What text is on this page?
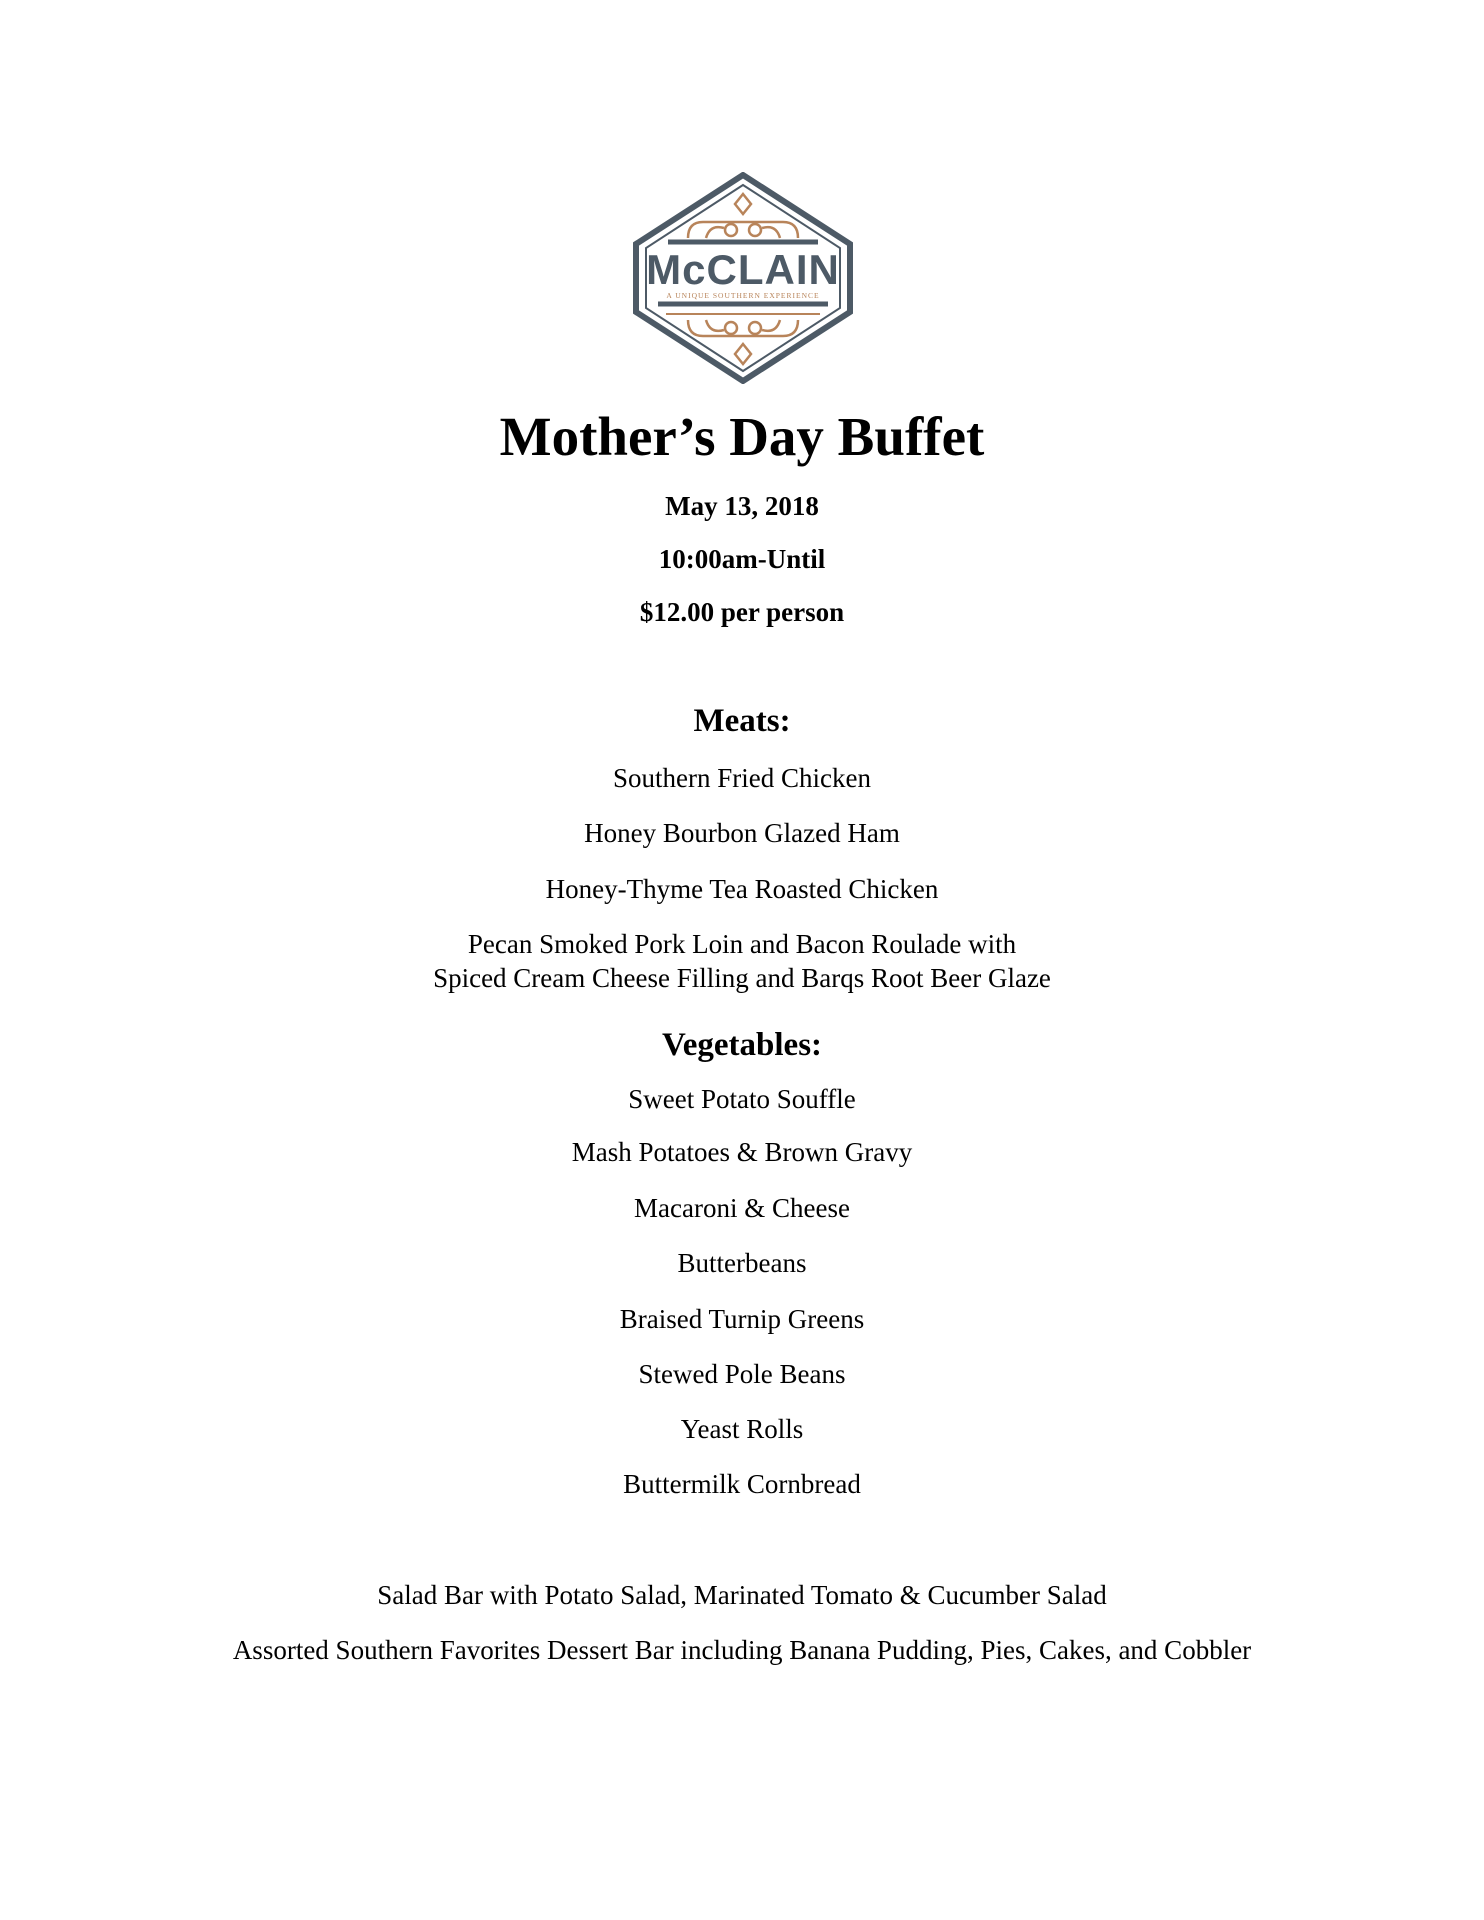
McCLAIN
A UNIQUE SOUTHERN EXPERIENCE
Mother’s Day Buffet
May 13, 2018
10:00am-Until
$12.00 per person
Meats:
Southern Fried Chicken
Honey Bourbon Glazed Ham
Honey-Thyme Tea Roasted Chicken
Pecan Smoked Pork Loin and Bacon Roulade with
Spiced Cream Cheese Filling and Barqs Root Beer Glaze
Vegetables:
Sweet Potato Souffle
Mash Potatoes & Brown Gravy
Macaroni & Cheese
Butterbeans
Braised Turnip Greens
Stewed Pole Beans
Yeast Rolls
Buttermilk Cornbread
Salad Bar with Potato Salad, Marinated Tomato & Cucumber Salad
Assorted Southern Favorites Dessert Bar including Banana Pudding, Pies, Cakes, and Cobbler
